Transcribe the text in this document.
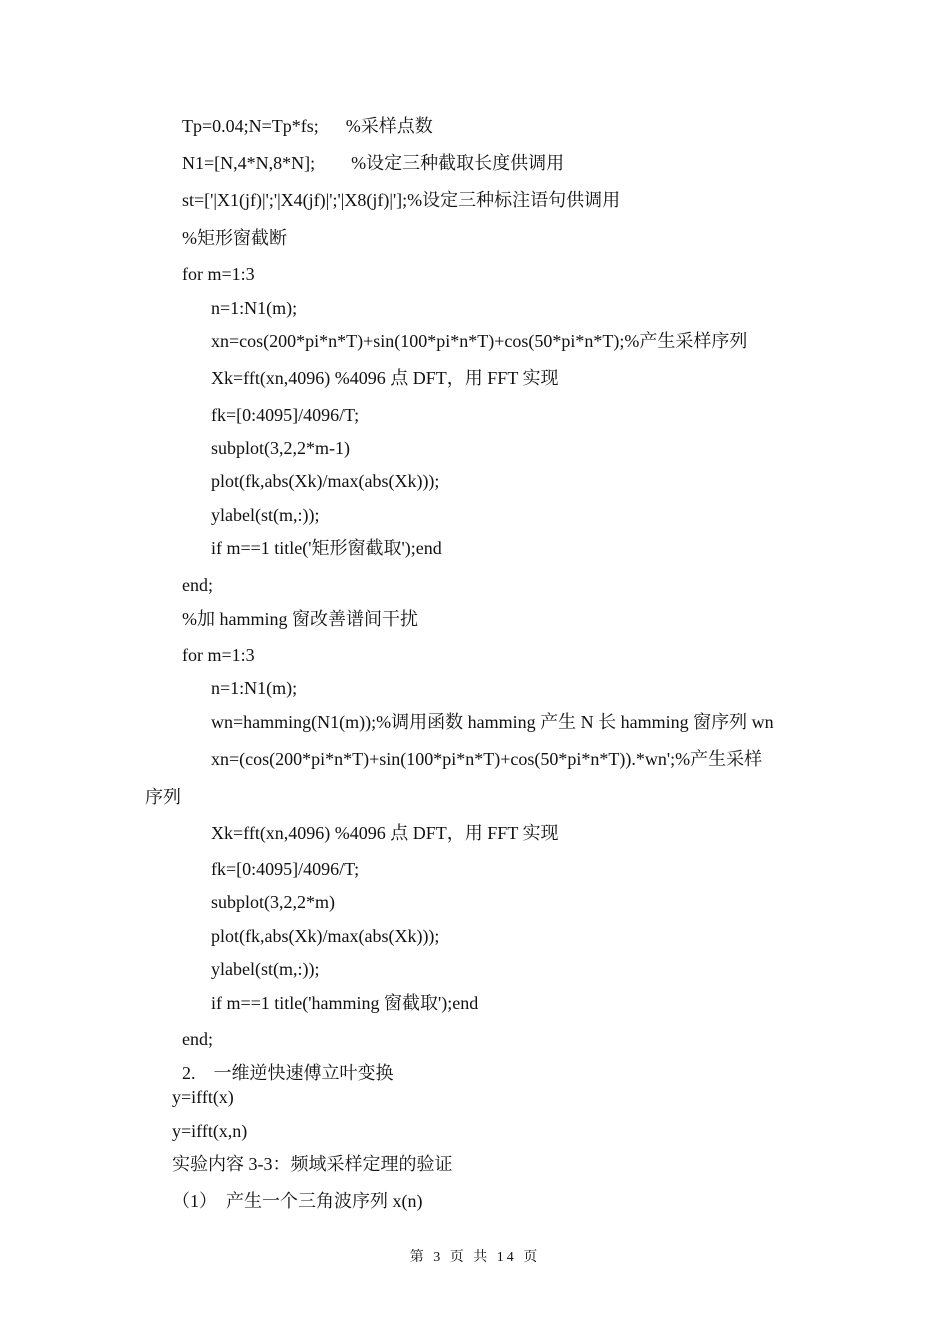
Tp=0.04;N=Tp*fs;      %采样点数
N1=[N,4*N,8*N];        %设定三种截取长度供调用
st=['|X1(jf)|';'|X4(jf)|';'|X8(jf)|'];%设定三种标注语句供调用
%矩形窗截断
for m=1:3
n=1:N1(m);
xn=cos(200*pi*n*T)+sin(100*pi*n*T)+cos(50*pi*n*T);%产生采样序列
Xk=fft(xn,4096) %4096 点 DFT，用 FFT 实现
fk=[0:4095]/4096/T;
subplot(3,2,2*m-1)
plot(fk,abs(Xk)/max(abs(Xk)));
ylabel(st(m,:));
if m==1 title('矩形窗截取');end
end;
%加 hamming 窗改善谱间干扰
for m=1:3
n=1:N1(m);
wn=hamming(N1(m));%调用函数 hamming 产生 N 长 hamming 窗序列 wn
xn=(cos(200*pi*n*T)+sin(100*pi*n*T)+cos(50*pi*n*T)).*wn';%产生采样
序列
Xk=fft(xn,4096) %4096 点 DFT，用 FFT 实现
fk=[0:4095]/4096/T;
subplot(3,2,2*m)
plot(fk,abs(Xk)/max(abs(Xk)));
ylabel(st(m,:));
if m==1 title('hamming 窗截取');end
end;
2.    一维逆快速傅立叶变换
y=ifft(x)
y=ifft(x,n)
实验内容 3-3：频域采样定理的验证
（1）  产生一个三角波序列 x(n)
第 3 页 共 14 页
